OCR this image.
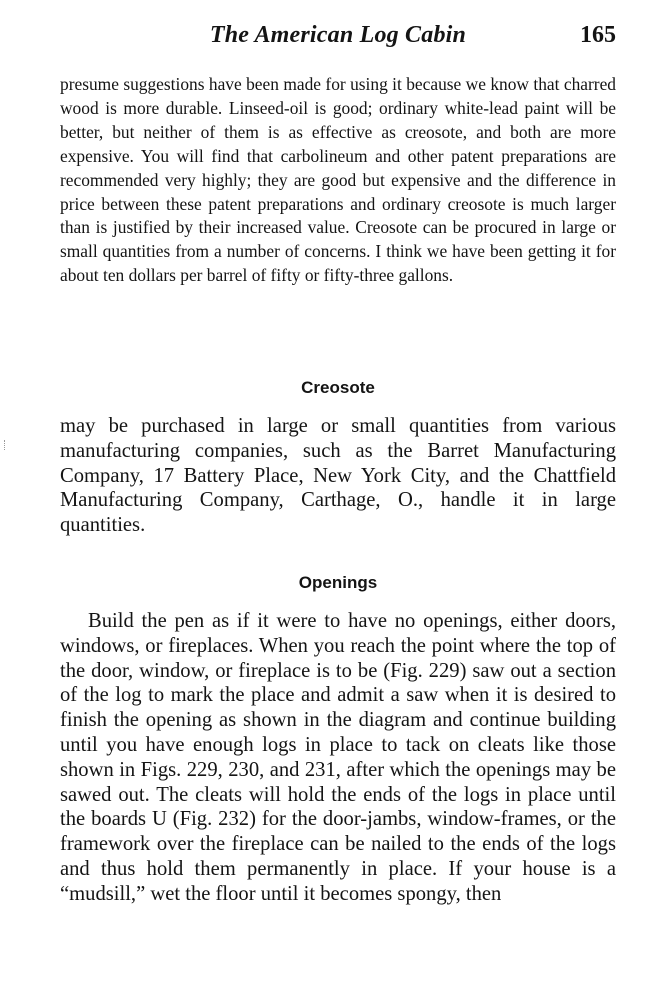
The American Log Cabin	165

presume suggestions have been made for using it because we know that charred wood is more durable. Linseed-oil is good; ordinary white-lead paint will be better, but neither of them is as effective as creosote, and both are more expensive. You will find that carbolineum and other patent preparations are recommended very highly; they are good but expensive and the difference in price between these patent preparations and ordinary creosote is much larger than is justified by their increased value. Creosote can be procured in large or small quantities from a number of concerns. I think we have been getting it for about ten dollars per barrel of fifty or fifty-three gallons.

Creosote

may be purchased in large or small quantities from various manufacturing companies, such as the Barret Manufacturing Company, 17 Battery Place, New York City, and the Chattfield Manufacturing Company, Carthage, O., handle it in large quantities.

Openings

Build the pen as if it were to have no openings, either doors, windows, or fireplaces. When you reach the point where the top of the door, window, or fireplace is to be (Fig. 229) saw out a section of the log to mark the place and admit a saw when it is desired to finish the opening as shown in the diagram and continue building until you have enough logs in place to tack on cleats like those shown in Figs. 229, 230, and 231, after which the openings may be sawed out. The cleats will hold the ends of the logs in place until the boards U (Fig. 232) for the door-jambs, window-frames, or the framework over the fireplace can be nailed to the ends of the logs and thus hold them permanently in place. If your house is a “mudsill,” wet the floor until it becomes spongy, then
